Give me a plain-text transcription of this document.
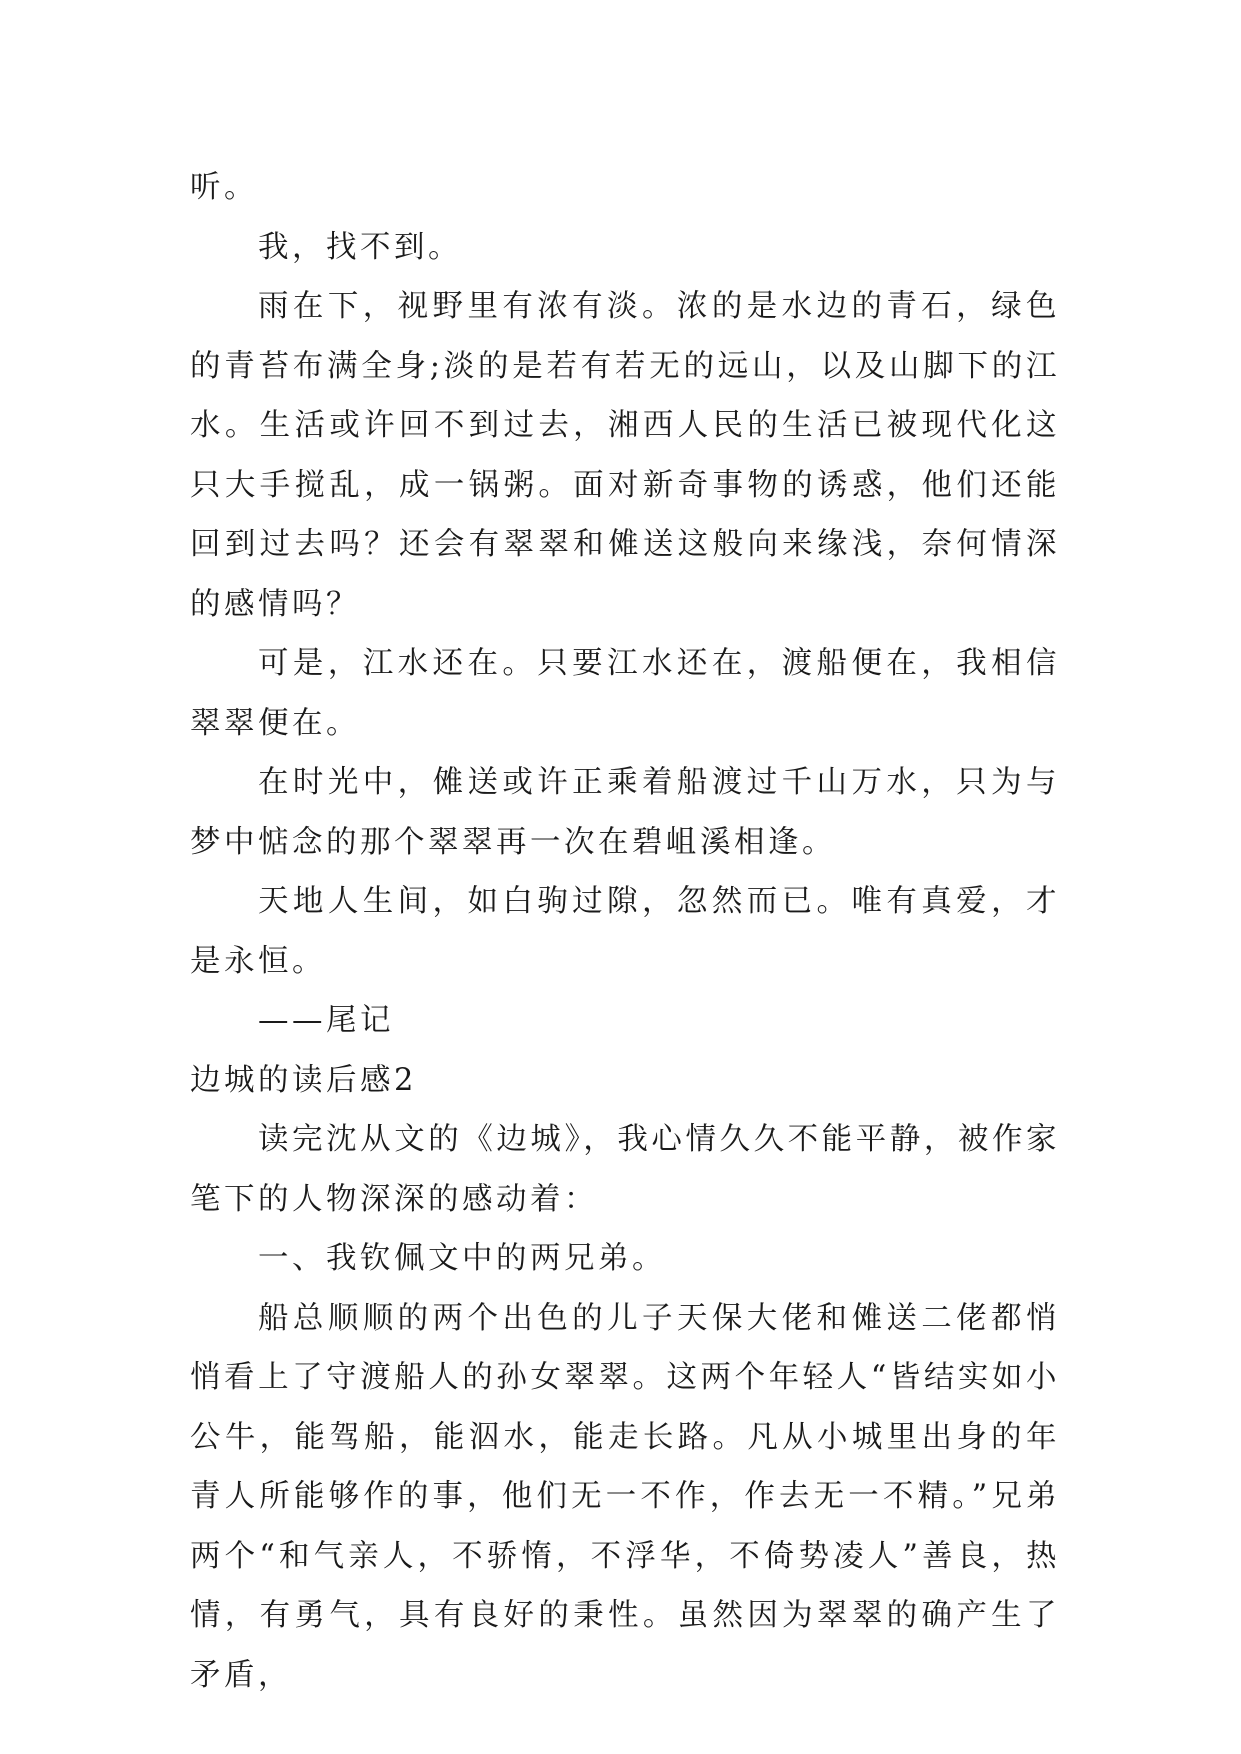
听。

我，找不到。

雨在下，视野里有浓有淡。浓的是水边的青石，绿色的青苔布满全身;淡的是若有若无的远山，以及山脚下的江水。生活或许回不到过去，湘西人民的生活已被现代化这只大手搅乱，成一锅粥。面对新奇事物的诱惑，他们还能回到过去吗？还会有翠翠和傩送这般向来缘浅，奈何情深的感情吗？

可是，江水还在。只要江水还在，渡船便在，我相信翠翠便在。

在时光中，傩送或许正乘着船渡过千山万水，只为与梦中惦念的那个翠翠再一次在碧岨溪相逢。

天地人生间，如白驹过隙，忽然而已。唯有真爱，才是永恒。

——尾记

边城的读后感2

读完沈从文的《边城》，我心情久久不能平静，被作家笔下的人物深深的感动着：

一、我钦佩文中的两兄弟。

船总顺顺的两个出色的儿子天保大佬和傩送二佬都悄悄看上了守渡船人的孙女翠翠。这两个年轻人“皆结实如小公牛，能驾船，能泅水，能走长路。凡从小城里出身的年青人所能够作的事，他们无一不作，作去无一不精。”兄弟两个“和气亲人，不骄惰，不浮华，不倚势凌人”善良，热情，有勇气，具有良好的秉性。虽然因为翠翠的确产生了矛盾，
